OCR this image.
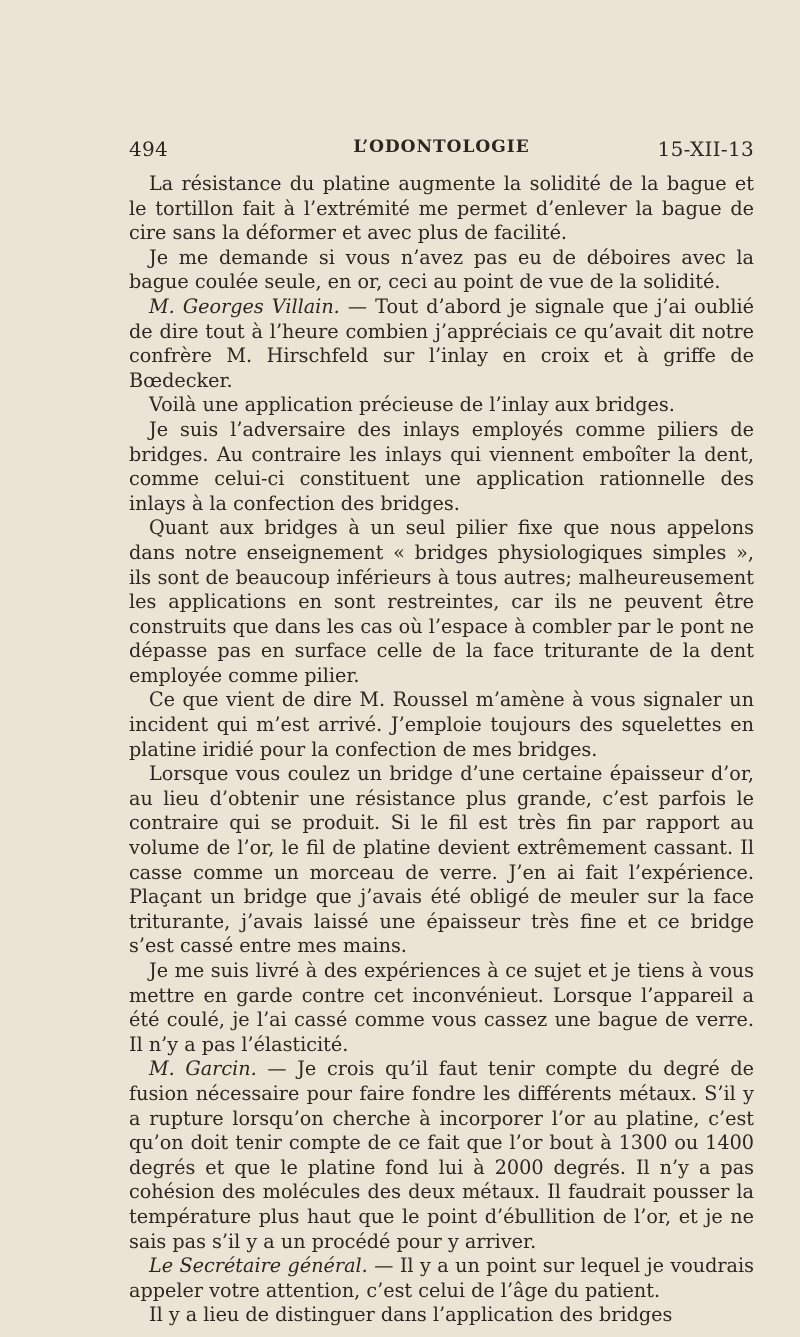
494	L’ODONTOLOGIE	15-XII-13

La résistance du platine augmente la solidité de la bague et le tortillon fait à l’extrémité me permet d’enlever la bague de cire sans la déformer et avec plus de facilité.

Je me demande si vous n’avez pas eu de déboires avec la bague coulée seule, en or, ceci au point de vue de la solidité.

M. Georges Villain. — Tout d’abord je signale que j’ai oublié de dire tout à l’heure combien j’appréciais ce qu’avait dit notre confrère M. Hirschfeld sur l’inlay en croix et à griffe de Bœdecker.

Voilà une application précieuse de l’inlay aux bridges.

Je suis l’adversaire des inlays employés comme piliers de bridges. Au contraire les inlays qui viennent emboîter la dent, comme celui-ci constituent une application rationnelle des inlays à la confection des bridges.

Quant aux bridges à un seul pilier fixe que nous appelons dans notre enseignement « bridges physiologiques simples », ils sont de beaucoup inférieurs à tous autres; malheureusement les applications en sont restreintes, car ils ne peuvent être construits que dans les cas où l’espace à combler par le pont ne dépasse pas en surface celle de la face triturante de la dent employée comme pilier.

Ce que vient de dire M. Roussel m’amène à vous signaler un incident qui m’est arrivé. J’emploie toujours des squelettes en platine iridié pour la confection de mes bridges.

Lorsque vous coulez un bridge d’une certaine épaisseur d’or, au lieu d’obtenir une résistance plus grande, c’est parfois le contraire qui se produit. Si le fil est très fin par rapport au volume de l’or, le fil de platine devient extrêmement cassant. Il casse comme un morceau de verre. J’en ai fait l’expérience. Plaçant un bridge que j’avais été obligé de meuler sur la face triturante, j’avais laissé une épaisseur très fine et ce bridge s’est cassé entre mes mains.

Je me suis livré à des expériences à ce sujet et je tiens à vous mettre en garde contre cet inconvénieut. Lorsque l’appareil a été coulé, je l’ai cassé comme vous cassez une bague de verre. Il n’y a pas l’élasticité.

M. Garcin. — Je crois qu’il faut tenir compte du degré de fusion nécessaire pour faire fondre les différents métaux. S’il y a rupture lorsqu’on cherche à incorporer l’or au platine, c’est qu’on doit tenir compte de ce fait que l’or bout à 1300 ou 1400 degrés et que le platine fond lui à 2000 degrés. Il n’y a pas cohésion des molécules des deux métaux. Il faudrait pousser la température plus haut que le point d’ébullition de l’or, et je ne sais pas s’il y a un procédé pour y arriver.

Le Secrétaire général. — Il y a un point sur lequel je voudrais appeler votre attention, c’est celui de l’âge du patient.

Il y a lieu de distinguer dans l’application des bridges
